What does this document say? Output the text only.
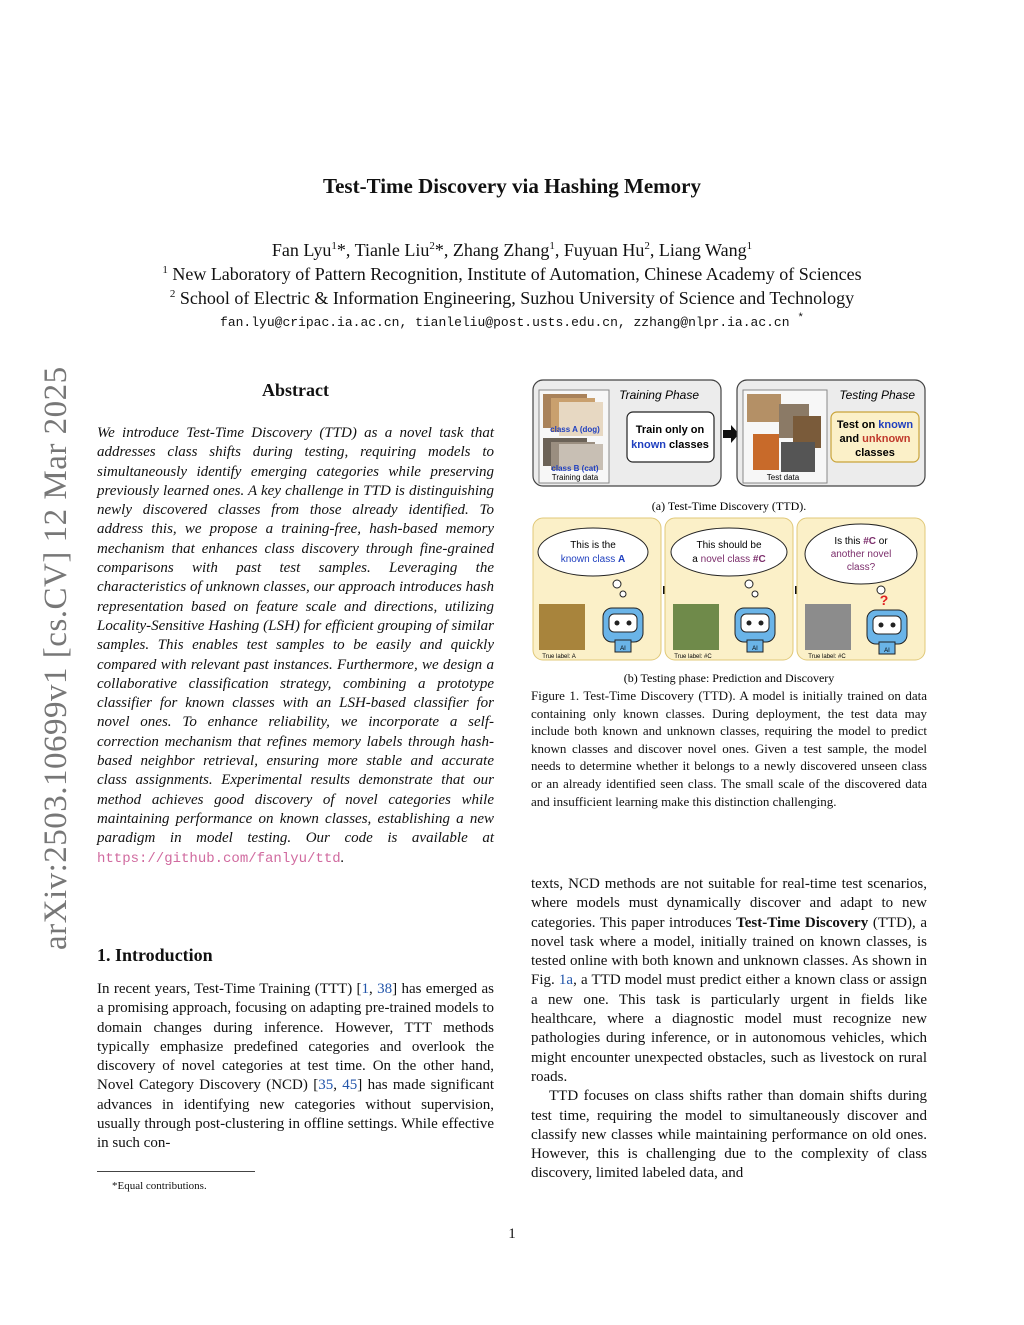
Test-Time Discovery via Hashing Memory
Fan Lyu$^1$*, Tianle Liu$^2$*, Zhang Zhang$^1$, Fuyuan Hu$^2$, Liang Wang$^1$
$^1$ New Laboratory of Pattern Recognition, Institute of Automation, Chinese Academy of Sciences
$^2$ School of Electric & Information Engineering, Suzhou University of Science and Technology
fan.lyu@cripac.ia.ac.cn, tianleliu@post.usts.edu.cn, zzhang@nlpr.ia.ac.cn *
arXiv:2503.10699v1 [cs.CV] 12 Mar 2025	Abstract
We introduce Test-Time Discovery (TTD) as a novel task that addresses class shifts during testing, requiring models to simultaneously identify emerging categories while preserving previously learned ones. A key challenge in TTD is distinguishing newly discovered classes from those already identified. To address this, we propose a training-free, hash-based memory mechanism that enhances class discovery through fine-grained comparisons with past test samples. Leveraging the characteristics of unknown classes, our approach introduces hash representation based on feature scale and directions, utilizing Locality-Sensitive Hashing (LSH) for efficient grouping of similar samples. This enables test samples to be easily and quickly compared with relevant past instances. Furthermore, we design a collaborative classification strategy, combining a prototype classifier for known classes with an LSH-based classifier for novel ones. To enhance reliability, we incorporate a self-correction mechanism that refines memory labels through hash-based neighbor retrieval, ensuring more stable and accurate class assignments. Experimental results demonstrate that our method achieves good discovery of novel categories while maintaining performance on known classes, establishing a new paradigm in model testing. Our code is available at https://github.com/fanlyu/ttd.
1. Introduction

In recent years, Test-Time Training (TTT) [1, 38] has emerged as a promising approach, focusing on adapting pre-trained models to domain changes during inference. However, TTT methods typically emphasize predefined categories and overlook the discovery of novel categories at test time. On the other hand, Novel Category Discovery (NCD) [35, 45] has made significant advances in identifying new categories without supervision, usually through post-clustering in offline settings. While effective in such con-

*Equal contributions.

texts, NCD methods are not suitable for real-time test scenarios, where models must dynamically discover and adapt to new categories. This paper introduces Test-Time Discovery (TTD), a novel task where a model, initially trained on known classes, is tested online with both known and unknown classes. As shown in Fig. 1a, a TTD model must predict either a known class or assign a new one. This task is particularly urgent in fields like healthcare, where a diagnostic model must recognize new pathologies during inference, or in autonomous vehicles, which might encounter unexpected obstacles, such as livestock on rural roads.

TTD focuses on class shifts rather than domain shifts during test time, requiring the model to simultaneously discover and classify new classes while maintaining performance on old ones. However, this is challenging due to the complexity of class discovery, limited labeled data, and

Training Phase
class A (dog)
class B (cat)
Training data
Train only on
known classes
Testing Phase
Test data
Test on known
and unknown
classes
(a) Test-Time Discovery (TTD).
This is the
known class A
AI
True label: A
This should be
a novel class #C
AI
True label: #C
Is this #C or
another novel
class?
?
AI
True label: #C
(b) Testing phase: Prediction and Discovery
Figure 1. Test-Time Discovery (TTD). A model is initially trained on data containing only known classes. During deployment, the test data may include both known and unknown classes, requiring the model to predict known classes and discover novel ones. Given a test sample, the model needs to determine whether it belongs to a newly discovered unseen class or an already identified seen class. The small scale of the discovered data and insufficient learning make this distinction challenging.
1
